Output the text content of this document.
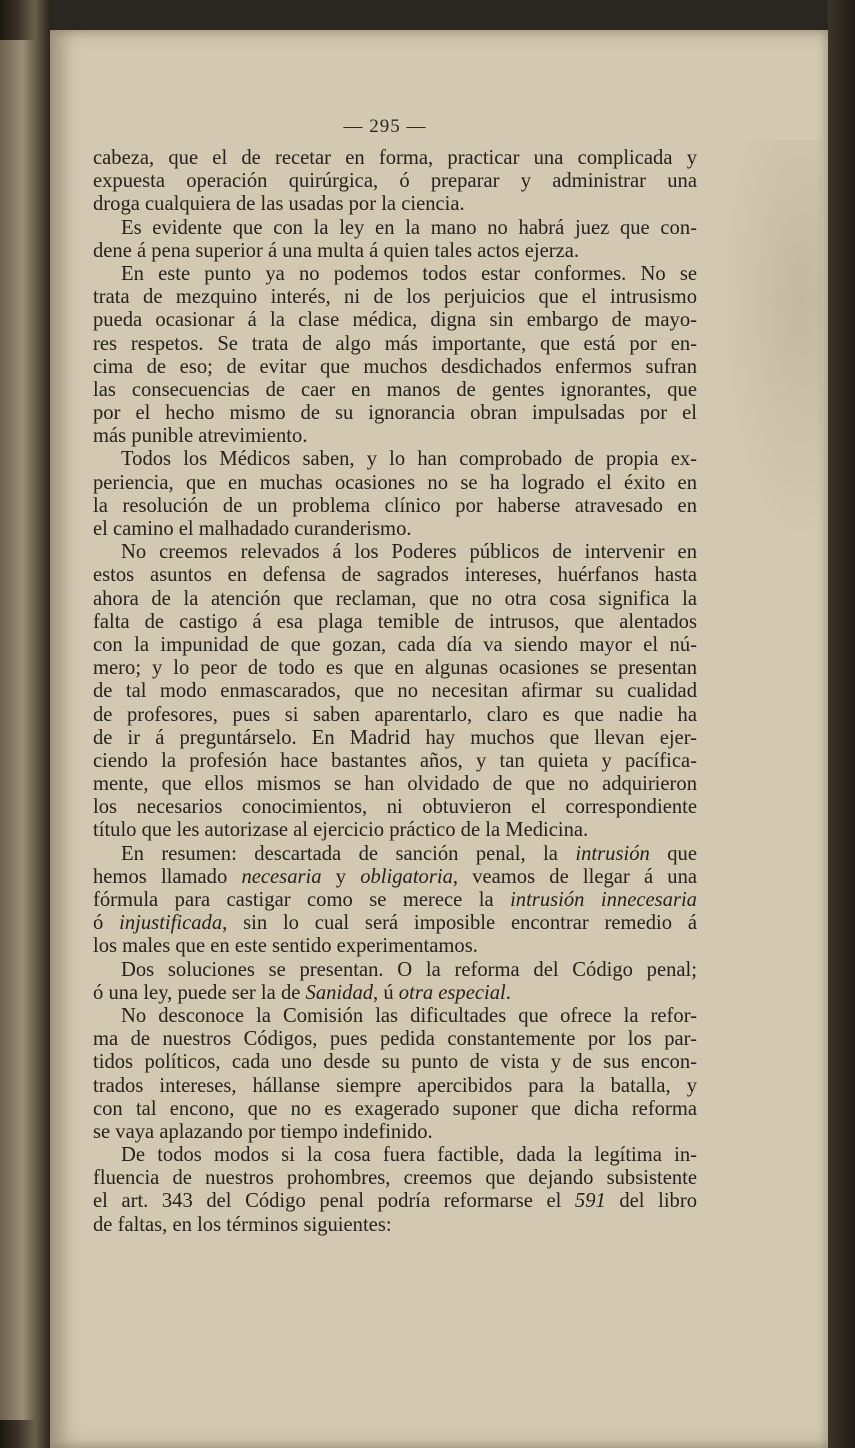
— 295 —
cabeza, que el de recetar en forma, practicar una complicada y
expuesta operación quirúrgica, ó preparar y administrar una
droga cualquiera de las usadas por la ciencia.
Es evidente que con la ley en la mano no habrá juez que con-
dene á pena superior á una multa á quien tales actos ejerza.
En este punto ya no podemos todos estar conformes. No se
trata de mezquino interés, ni de los perjuicios que el intrusismo
pueda ocasionar á la clase médica, digna sin embargo de mayo-
res respetos. Se trata de algo más importante, que está por en-
cima de eso; de evitar que muchos desdichados enfermos sufran
las consecuencias de caer en manos de gentes ignorantes, que
por el hecho mismo de su ignorancia obran impulsadas por el
más punible atrevimiento.
Todos los Médicos saben, y lo han comprobado de propia ex-
periencia, que en muchas ocasiones no se ha logrado el éxito en
la resolución de un problema clínico por haberse atravesado en
el camino el malhadado curanderismo.
No creemos relevados á los Poderes públicos de intervenir en
estos asuntos en defensa de sagrados intereses, huérfanos hasta
ahora de la atención que reclaman, que no otra cosa significa la
falta de castigo á esa plaga temible de intrusos, que alentados
con la impunidad de que gozan, cada día va siendo mayor el nú-
mero; y lo peor de todo es que en algunas ocasiones se presentan
de tal modo enmascarados, que no necesitan afirmar su cualidad
de profesores, pues si saben aparentarlo, claro es que nadie ha
de ir á preguntárselo. En Madrid hay muchos que llevan ejer-
ciendo la profesión hace bastantes años, y tan quieta y pacífica-
mente, que ellos mismos se han olvidado de que no adquirieron
los necesarios conocimientos, ni obtuvieron el correspondiente
título que les autorizase al ejercicio práctico de la Medicina.
En resumen: descartada de sanción penal, la intrusión que
hemos llamado necesaria y obligatoria, veamos de llegar á una
fórmula para castigar como se merece la intrusión innecesaria
ó injustificada, sin lo cual será imposible encontrar remedio á
los males que en este sentido experimentamos.
Dos soluciones se presentan. O la reforma del Código penal;
ó una ley, puede ser la de Sanidad, ú otra especial.
No desconoce la Comisión las dificultades que ofrece la refor-
ma de nuestros Códigos, pues pedida constantemente por los par-
tidos políticos, cada uno desde su punto de vista y de sus encon-
trados intereses, hállanse siempre apercibidos para la batalla, y
con tal encono, que no es exagerado suponer que dicha reforma
se vaya aplazando por tiempo indefinido.
De todos modos si la cosa fuera factible, dada la legítima in-
fluencia de nuestros prohombres, creemos que dejando subsistente
el art. 343 del Código penal podría reformarse el 591 del libro
de faltas, en los términos siguientes:
